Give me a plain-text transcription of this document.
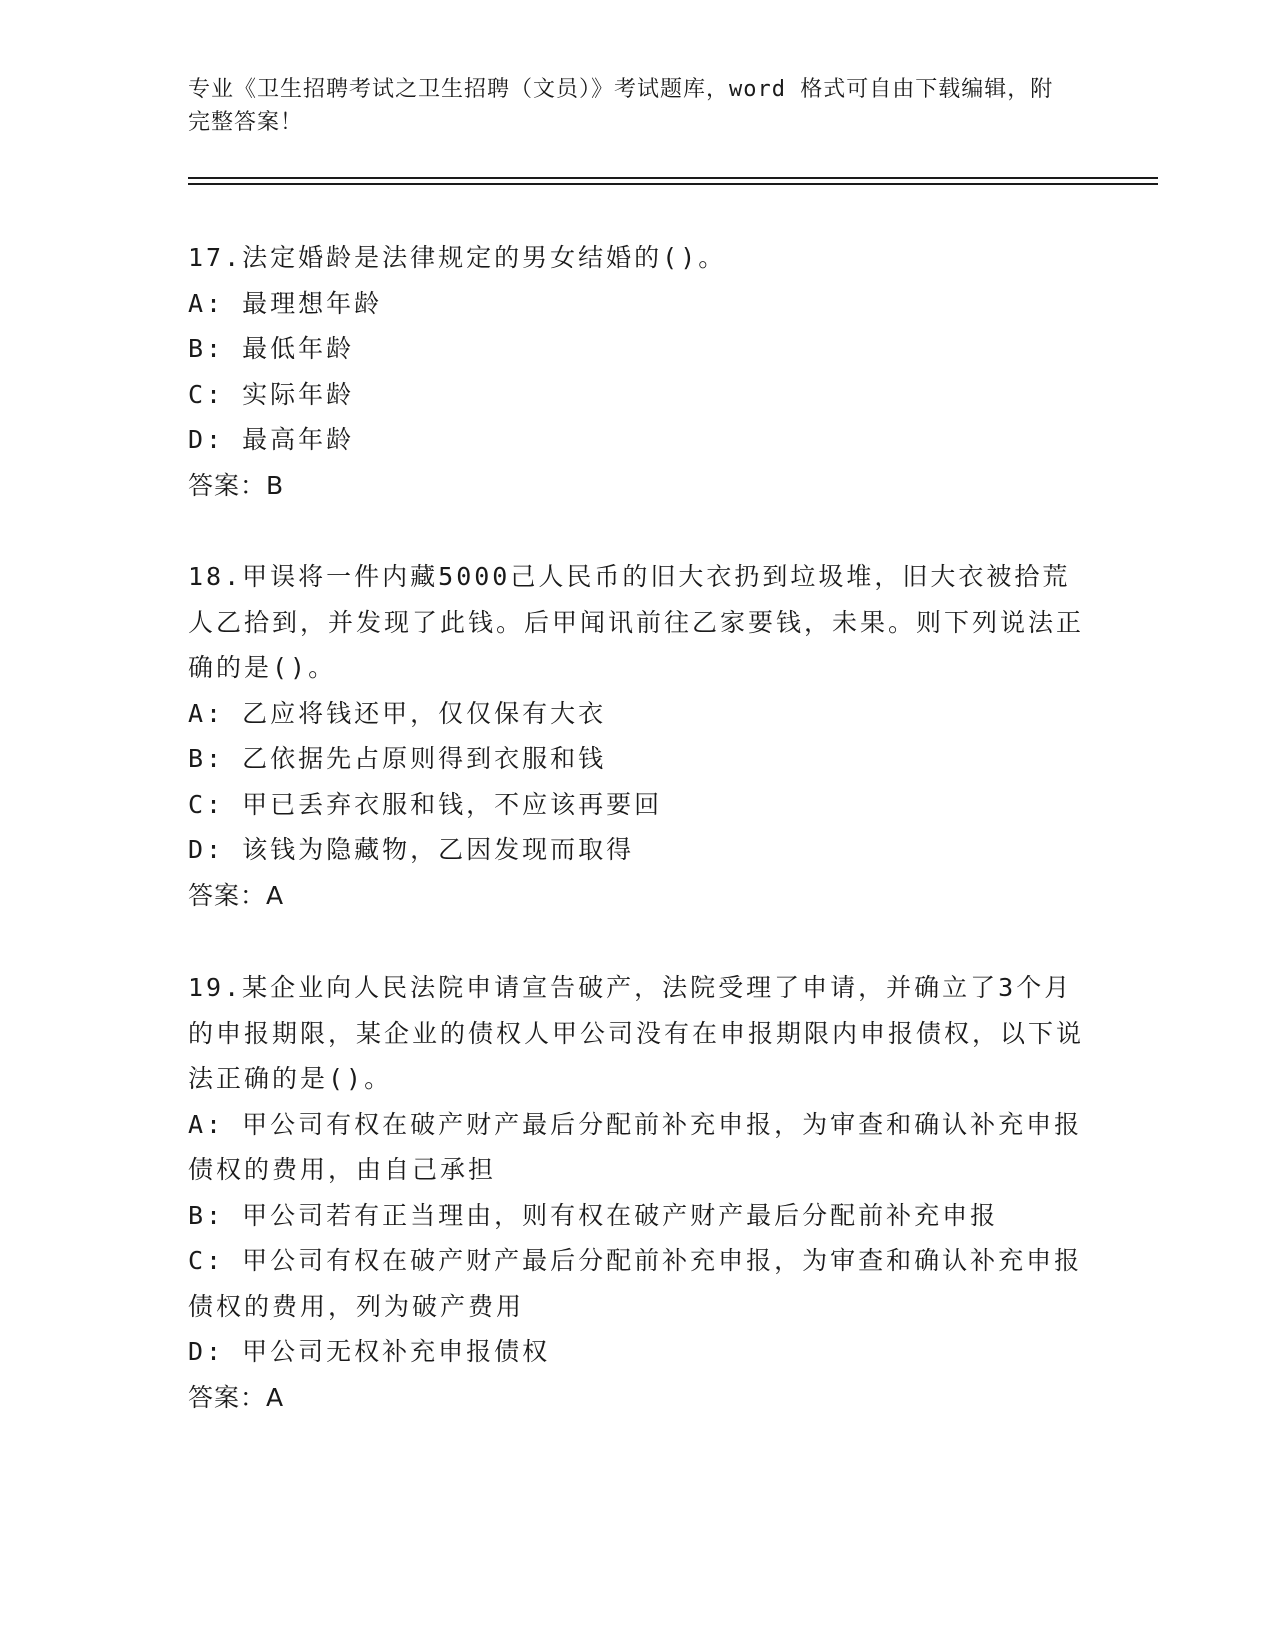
专业《卫生招聘考试之卫生招聘（文员）》考试题库，word 格式可自由下载编辑，附完整答案！

17.法定婚龄是法律规定的男女结婚的()。

A: 最理想年龄

B: 最低年龄

C: 实际年龄

D: 最高年龄

答案：B

18.甲误将一件内藏5000己人民币的旧大衣扔到垃圾堆，旧大衣被拾荒人乙拾到，并发现了此钱。后甲闻讯前往乙家要钱，未果。则下列说法正确的是()。

A: 乙应将钱还甲，仅仅保有大衣

B: 乙依据先占原则得到衣服和钱

C: 甲已丢弃衣服和钱，不应该再要回

D: 该钱为隐藏物，乙因发现而取得

答案：A

19.某企业向人民法院申请宣告破产，法院受理了申请，并确立了3个月的申报期限，某企业的债权人甲公司没有在申报期限内申报债权，以下说法正确的是()。

A: 甲公司有权在破产财产最后分配前补充申报，为审查和确认补充申报债权的费用，由自己承担

B: 甲公司若有正当理由，则有权在破产财产最后分配前补充申报

C: 甲公司有权在破产财产最后分配前补充申报，为审查和确认补充申报债权的费用，列为破产费用

D: 甲公司无权补充申报债权

答案：A
